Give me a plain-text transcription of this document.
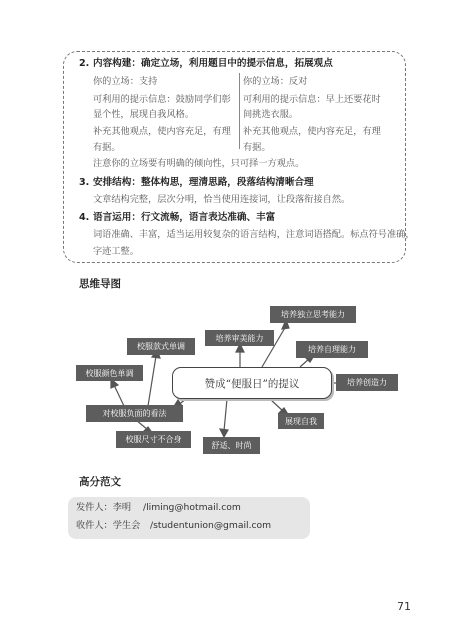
2. 内容构建：确定立场，利用题目中的提示信息，拓展观点
你的立场：支持
可利用的提示信息：鼓励同学们彰
显个性，展现自我风格。
补充其他观点，使内容充足，有理
有据。
你的立场：反对
可利用的提示信息：早上还要花时
间挑选衣服。
补充其他观点，使内容充足，有理
有据。
注意你的立场要有明确的倾向性，只可择一方观点。
3. 安排结构：整体构思，理清思路，段落结构清晰合理
文章结构完整，层次分明，恰当使用连接词，让段落衔接自然。
4. 语言运用：行文流畅，语言表达准确、丰富
词语准确、丰富，适当运用较复杂的语言结构，注意词语搭配。标点符号准确，
字迹工整。
思维导图
赞成“便服日”的提议
培养独立思考能力
培养审美能力
培养自理能力
培养创造力
展现自我
舒适、时尚
对校服负面的看法
校服款式单调
校服颜色单调
校服尺寸不合身
高分范文
发件人：李明 /liming@hotmail.com
收件人：学生会 /studentunion@gmail.com
71
